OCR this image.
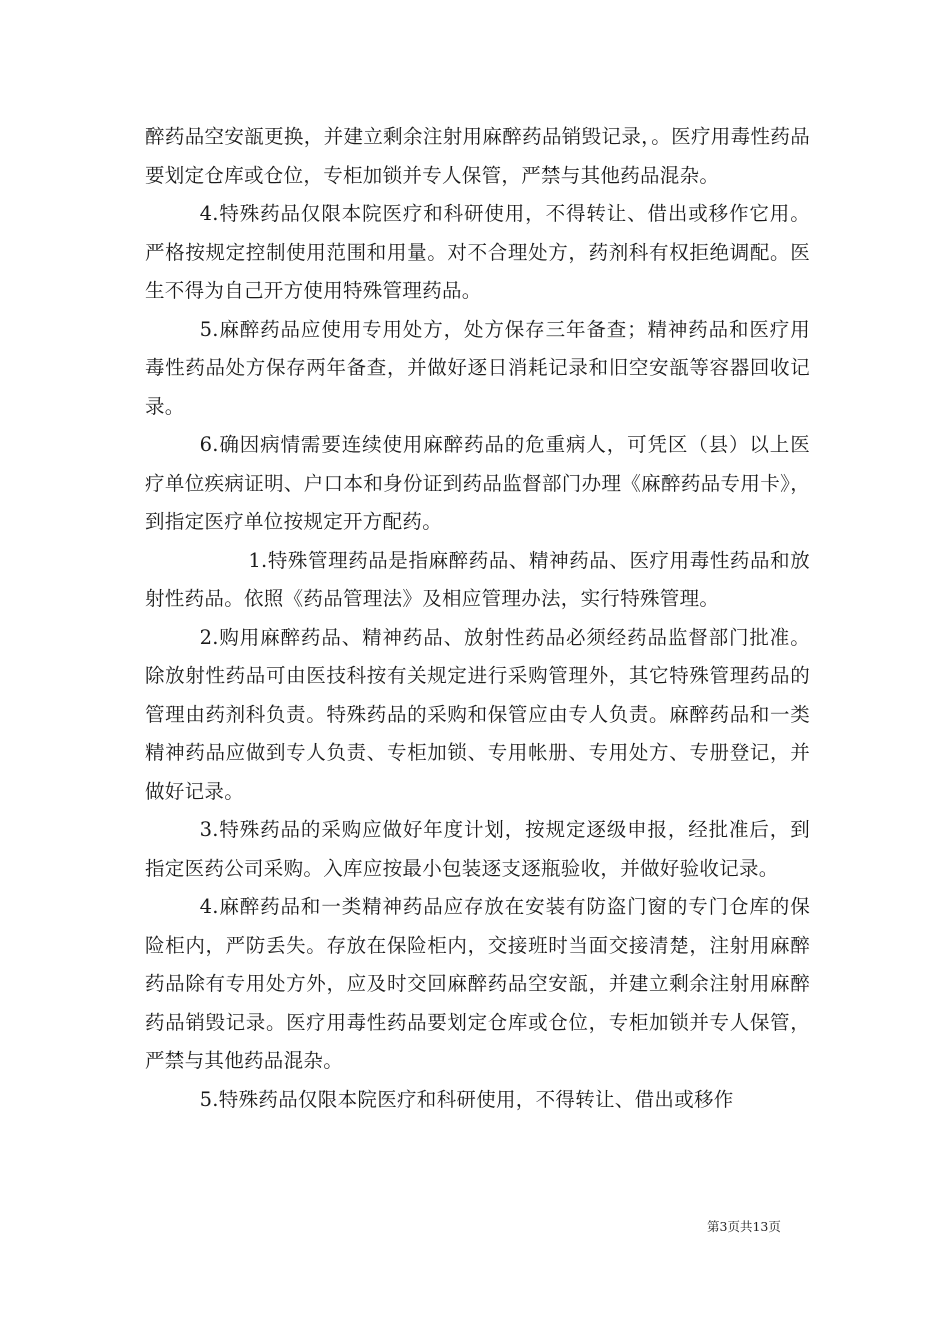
醉药品空安瓿更换，并建立剩余注射用麻醉药品销毁记录，。医疗用毒性药品要划定仓库或仓位，专柜加锁并专人保管，严禁与其他药品混杂。

4.特殊药品仅限本院医疗和科研使用，不得转让、借出或移作它用。严格按规定控制使用范围和用量。对不合理处方，药剂科有权拒绝调配。医生不得为自己开方使用特殊管理药品。

5.麻醉药品应使用专用处方，处方保存三年备查；精神药品和医疗用毒性药品处方保存两年备查，并做好逐日消耗记录和旧空安瓿等容器回收记录。

6.确因病情需要连续使用麻醉药品的危重病人，可凭区（县）以上医疗单位疾病证明、户口本和身份证到药品监督部门办理《麻醉药品专用卡》，到指定医疗单位按规定开方配药。

1.特殊管理药品是指麻醉药品、精神药品、医疗用毒性药品和放射性药品。依照《药品管理法》及相应管理办法，实行特殊管理。

2.购用麻醉药品、精神药品、放射性药品必须经药品监督部门批准。除放射性药品可由医技科按有关规定进行采购管理外，其它特殊管理药品的管理由药剂科负责。特殊药品的采购和保管应由专人负责。麻醉药品和一类精神药品应做到专人负责、专柜加锁、专用帐册、专用处方、专册登记，并做好记录。

3.特殊药品的采购应做好年度计划，按规定逐级申报，经批准后，到指定医药公司采购。入库应按最小包装逐支逐瓶验收，并做好验收记录。

4.麻醉药品和一类精神药品应存放在安装有防盗门窗的专门仓库的保险柜内，严防丢失。存放在保险柜内，交接班时当面交接清楚，注射用麻醉药品除有专用处方外，应及时交回麻醉药品空安瓿，并建立剩余注射用麻醉药品销毁记录。医疗用毒性药品要划定仓库或仓位，专柜加锁并专人保管，严禁与其他药品混杂。

5.特殊药品仅限本院医疗和科研使用，不得转让、借出或移作

第3页共13页
